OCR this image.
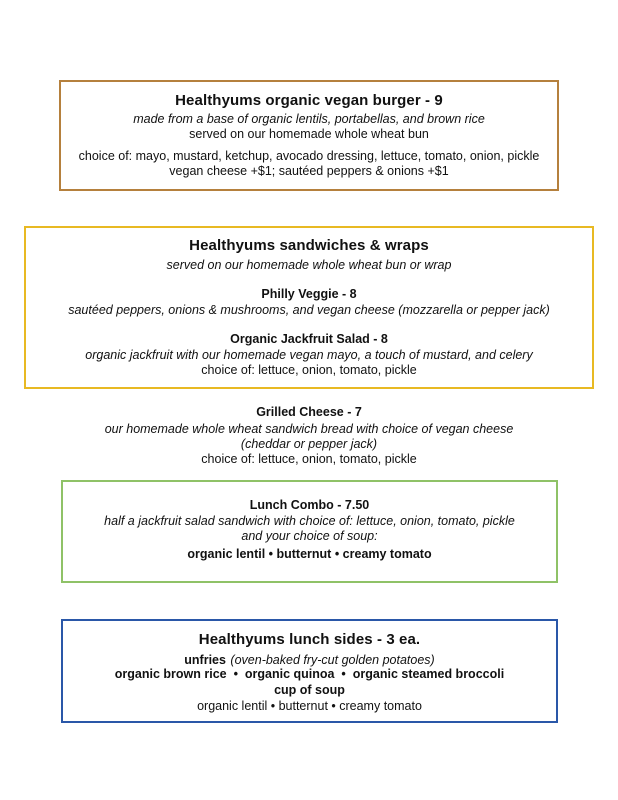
Healthyums organic vegan burger - 9
made from a base of organic lentils, portabellas, and brown rice
served on our homemade whole wheat bun
choice of: mayo, mustard, ketchup, avocado dressing, lettuce, tomato, onion, pickle
vegan cheese +$1; sautéed peppers & onions +$1
Healthyums sandwiches & wraps
served on our homemade whole wheat bun or wrap
Philly Veggie - 8
sautéed peppers, onions & mushrooms, and vegan cheese (mozzarella or pepper jack)
Organic Jackfruit Salad - 8
organic jackfruit with our homemade vegan mayo, a touch of mustard, and celery
choice of: lettuce, onion, tomato, pickle
Grilled Cheese - 7
our homemade whole wheat sandwich bread with choice of vegan cheese
(cheddar or pepper jack)
choice of: lettuce, onion, tomato, pickle
Lunch Combo - 7.50
half a jackfruit salad sandwich with choice of: lettuce, onion, tomato, pickle
and your choice of soup:
organic lentil • butternut • creamy tomato
Healthyums lunch sides - 3 ea.
unfries (oven-baked fry-cut golden potatoes)
organic brown rice  •  organic quinoa  •  organic steamed broccoli
cup of soup
organic lentil • butternut • creamy tomato
